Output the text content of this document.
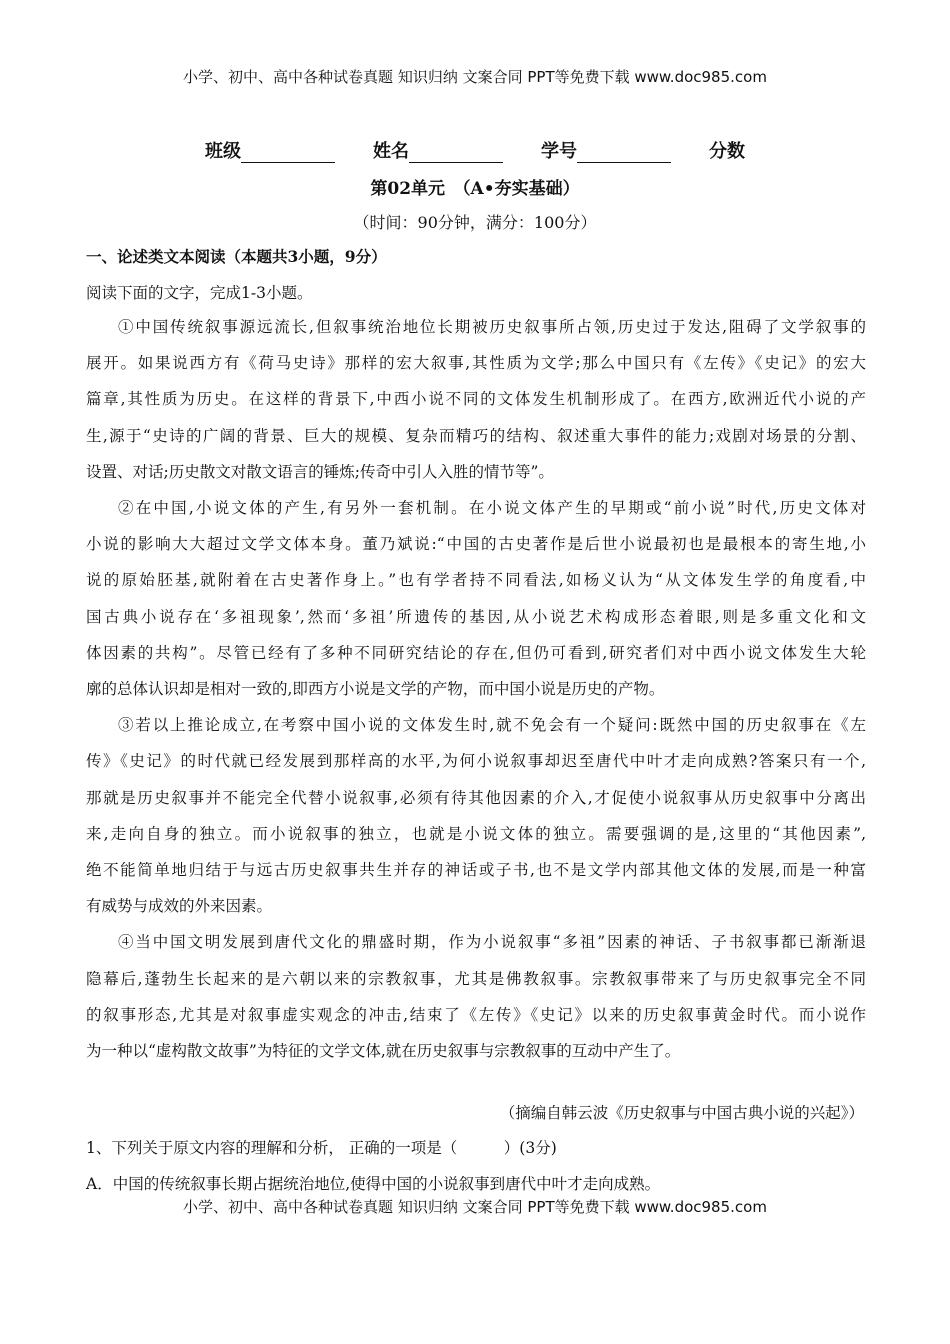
小学、初中、高中各种试卷真题 知识归纳 文案合同 PPT等免费下载 www.doc985.com
班级	姓名	学号	分数
第02单元　（A•夯实基础）
（时间：90分钟，满分：100分）
一、论述类文本阅读（本题共3小题，9分）
阅读下面的文字，完成1-3小题。
①中国传统叙事源远流长,但叙事统治地位长期被历史叙事所占领,历史过于发达,阻碍了文学叙事的
展开。如果说西方有《荷马史诗》那样的宏大叙事,其性质为文学;那么中国只有《左传》《史记》的宏大
篇章,其性质为历史。在这样的背景下,中西小说不同的文体发生机制形成了。在西方,欧洲近代小说的产
生,源于“史诗的广阔的背景、巨大的规模、复杂而精巧的结构、叙述重大事件的能力;戏剧对场景的分割、
设置、对话;历史散文对散文语言的锤炼;传奇中引人入胜的情节等”。
②在中国,小说文体的产生,有另外一套机制。在小说文体产生的早期或“前小说”时代,历史文体对
小说的影响大大超过文学文体本身。董乃斌说:“中国的古史著作是后世小说最初也是最根本的寄生地,小
说的原始胚基,就附着在古史著作身上。”也有学者持不同看法,如杨义认为“从文体发生学的角度看,中
国古典小说存在‘多祖现象’,然而‘多祖’所遗传的基因,从小说艺术构成形态着眼,则是多重文化和文
体因素的共构”。尽管已经有了多种不同研究结论的存在,但仍可看到,研究者们对中西小说文体发生大轮
廓的总体认识却是相对一致的,即西方小说是文学的产物，而中国小说是历史的产物。
③若以上推论成立,在考察中国小说的文体发生时,就不免会有一个疑问:既然中国的历史叙事在《左
传》《史记》的时代就已经发展到那样高的水平,为何小说叙事却迟至唐代中叶才走向成熟?答案只有一个,
那就是历史叙事并不能完全代替小说叙事,必须有待其他因素的介入,才促使小说叙事从历史叙事中分离出
来,走向自身的独立。而小说叙事的独立，也就是小说文体的独立。需要强调的是,这里的“其他因素”,
绝不能简单地归结于与远古历史叙事共生并存的神话或子书,也不是文学内部其他文体的发展,而是一种富
有威势与成效的外来因素。
④当中国文明发展到唐代文化的鼎盛时期，作为小说叙事“多祖”因素的神话、子书叙事都已渐渐退
隐幕后,蓬勃生长起来的是六朝以来的宗教叙事，尤其是佛教叙事。宗教叙事带来了与历史叙事完全不同
的叙事形态,尤其是对叙事虚实观念的冲击,结束了《左传》《史记》以来的历史叙事黄金时代。而小说作
为一种以“虚构散文故事”为特征的文学文体,就在历史叙事与宗教叙事的互动中产生了。
（摘编自韩云波《历史叙事与中国古典小说的兴起》）
1、下列关于原文内容的理解和分析， 正确的一项是（　　　）(3分)
A．中国的传统叙事长期占据统治地位,使得中国的小说叙事到唐代中叶才走向成熟。
小学、初中、高中各种试卷真题 知识归纳 文案合同 PPT等免费下载 www.doc985.com
